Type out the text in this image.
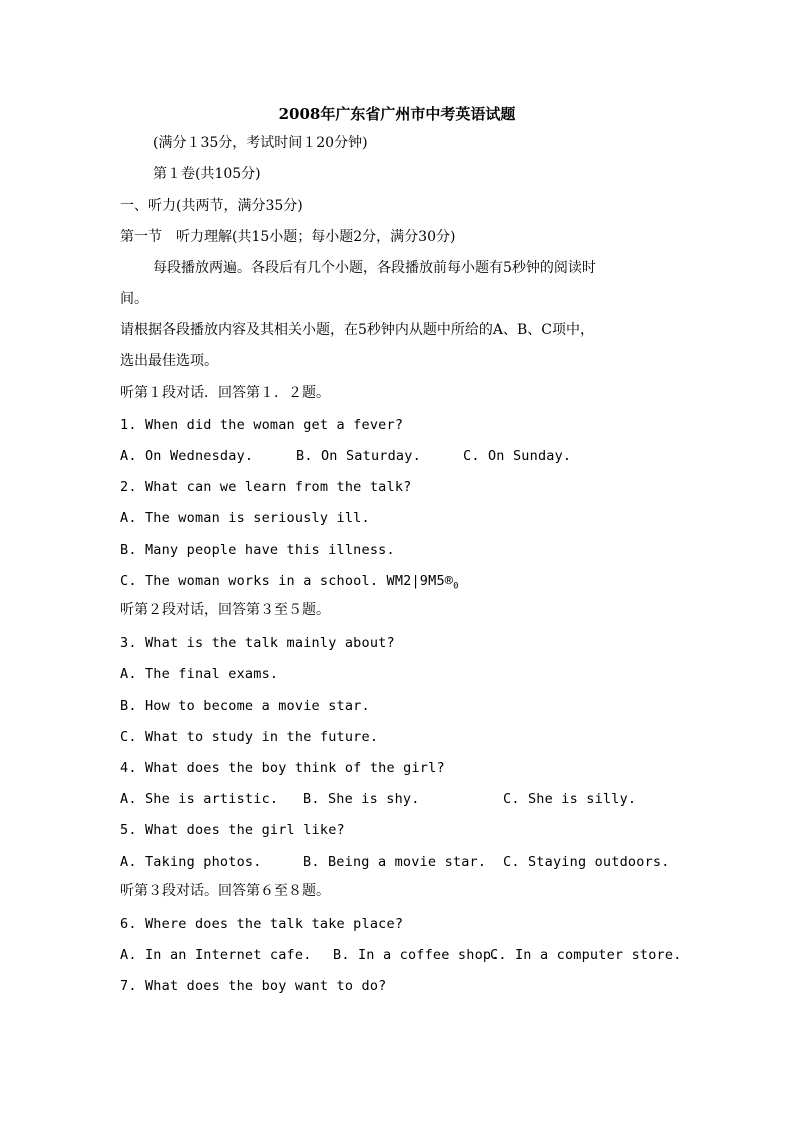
2008年广东省广州市中考英语试题
(满分１35分，考试时间１20分钟)
第１卷(共105分)
一、听力(共两节，满分35分)
第一节　听力理解(共15小题；每小题2分，满分30分)
每段播放两遍。各段后有几个小题，各段播放前每小题有5秒钟的阅读时
间。
请根据各段播放内容及其相关小题，在5秒钟内从题中所给的A、B、C项中，
选出最佳选项。
听第１段对话．回答第１．２题。
1. When did the woman get a fever?
A. On Wednesday.	B. On Saturday.	C. On Sunday.
2. What can we learn from the talk?
A. The woman is seriously ill.
B. Many people have this illness.
C. The woman works in a school. $WM2|9M5®_0$
听第２段对话，回答第３至５题。
3. What is the talk mainly about?
A. The final exams.
B. How to become a movie star.
C. What to study in the future.
4. What does the boy think of the girl?
A. She is artistic. B. She is shy.	C. She is silly.
5. What does the girl like?
A. Taking photos.	B. Being a movie star. C. Staying outdoors.
听第３段对话。回答第６至８题。
6. Where does the talk take place?
A. In an Internet cafe. B. In a coffee shop.
C. In a computer store.
7. What does the boy want to do?
